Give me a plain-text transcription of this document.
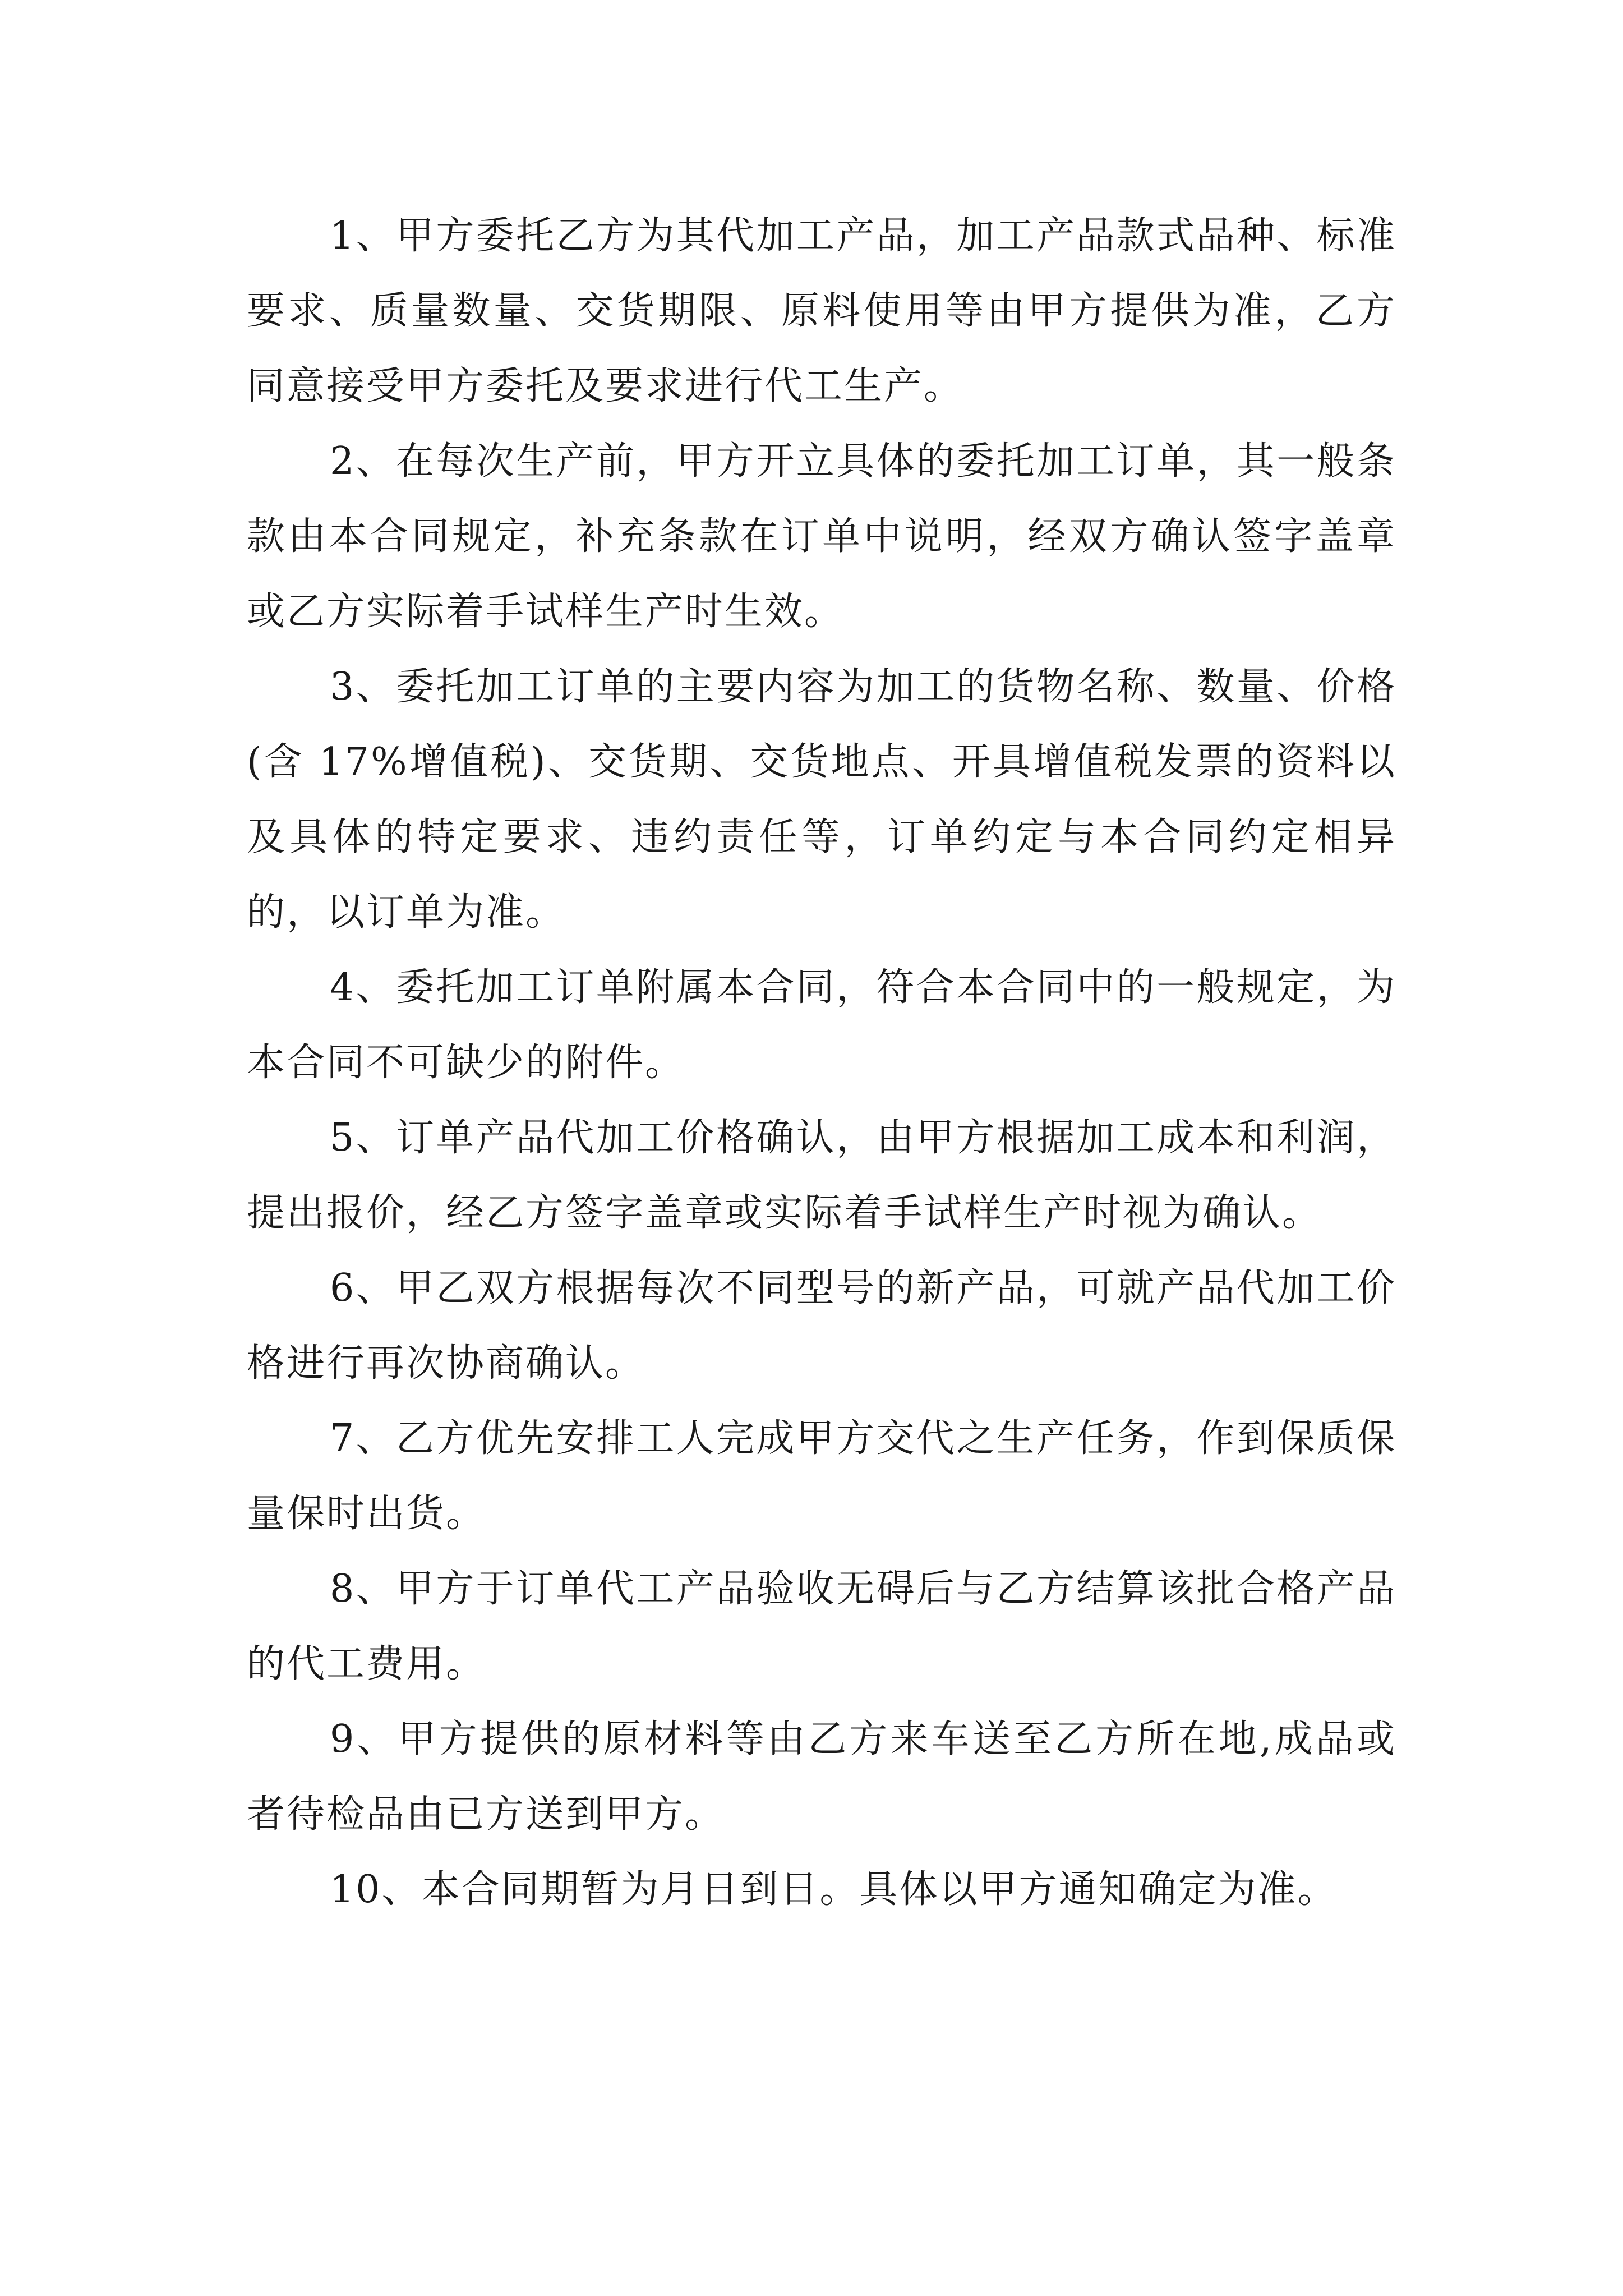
1、甲方委托乙方为其代加工产品，加工产品款式品种、标准要求、质量数量、交货期限、原料使用等由甲方提供为准，乙方同意接受甲方委托及要求进行代工生产。

2、在每次生产前，甲方开立具体的委托加工订单，其一般条款由本合同规定，补充条款在订单中说明，经双方确认签字盖章或乙方实际着手试样生产时生效。

3、委托加工订单的主要内容为加工的货物名称、数量、价格(含 17%增值税)、交货期、交货地点、开具增值税发票的资料以及具体的特定要求、违约责任等，订单约定与本合同约定相异的，以订单为准。

4、委托加工订单附属本合同，符合本合同中的一般规定，为本合同不可缺少的附件。

5、订单产品代加工价格确认，由甲方根据加工成本和利润，提出报价，经乙方签字盖章或实际着手试样生产时视为确认。

6、甲乙双方根据每次不同型号的新产品，可就产品代加工价格进行再次协商确认。

7、乙方优先安排工人完成甲方交代之生产任务，作到保质保量保时出货。

8、甲方于订单代工产品验收无碍后与乙方结算该批合格产品的代工费用。

9、甲方提供的原材料等由乙方来车送至乙方所在地,成品或者待检品由已方送到甲方。

10、本合同期暂为月日到日。具体以甲方通知确定为准。
